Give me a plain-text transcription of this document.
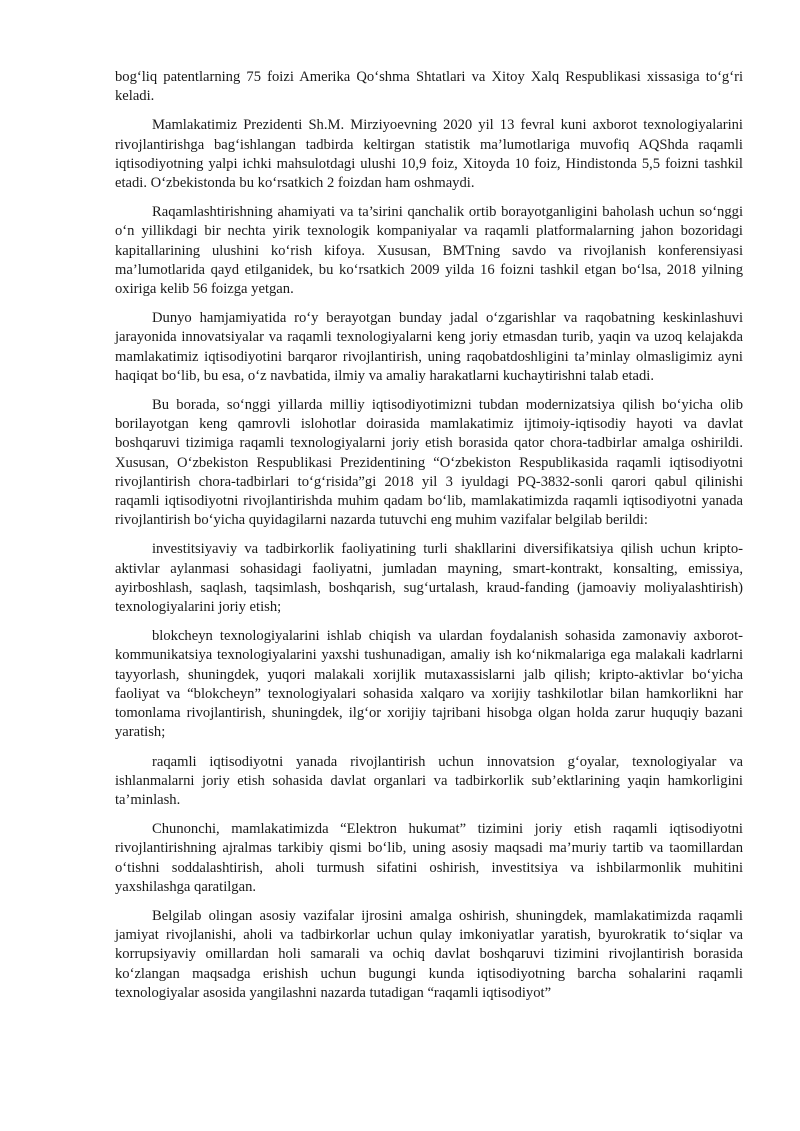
bog‘liq patentlarning 75 foizi Amerika Qo‘shma Shtatlari va Xitoy Xalq Respublikasi xissasiga to‘g‘ri keladi.

Mamlakatimiz Prezidenti Sh.M. Mirziyoevning 2020 yil 13 fevral kuni axborot texnologiyalarini rivojlantirishga bag‘ishlangan tadbirda keltirgan statistik ma’lumotlariga muvofiq AQShda raqamli iqtisodiyotning yalpi ichki mahsulotdagi ulushi 10,9 foiz, Xitoyda 10 foiz, Hindistonda 5,5 foizni tashkil etadi. O‘zbekistonda bu ko‘rsatkich 2 foizdan ham oshmaydi.

Raqamlashtirishning ahamiyati va ta’sirini qanchalik ortib borayotganligini baholash uchun so‘nggi o‘n yillikdagi bir nechta yirik texnologik kompaniyalar va raqamli platformalarning jahon bozoridagi kapitallarining ulushini ko‘rish kifoya. Xususan, BMTning savdo va rivojlanish konferensiyasi ma’lumotlarida qayd etilganidek, bu ko‘rsatkich 2009 yilda 16 foizni tashkil etgan bo‘lsa, 2018 yilning oxiriga kelib 56 foizga yetgan.

Dunyo hamjamiyatida ro‘y berayotgan bunday jadal o‘zgarishlar va raqobatning keskinlashuvi jarayonida innovatsiyalar va raqamli texnologiyalarni keng joriy etmasdan turib, yaqin va uzoq kelajakda mamlakatimiz iqtisodiyotini barqaror rivojlantirish, uning raqobatdoshligini ta’minlay olmasligimiz ayni haqiqat bo‘lib, bu esa, o‘z navbatida, ilmiy va amaliy harakatlarni kuchaytirishni talab etadi.

Bu borada, so‘nggi yillarda milliy iqtisodiyotimizni tubdan modernizatsiya qilish bo‘yicha olib borilayotgan keng qamrovli islohotlar doirasida mamlakatimiz ijtimoiy-iqtisodiy hayoti va davlat boshqaruvi tizimiga raqamli texnologiyalarni joriy etish borasida qator chora-tadbirlar amalga oshirildi. Xususan, O‘zbekiston Respublikasi Prezidentining “O‘zbekiston Respublikasida raqamli iqtisodiyotni rivojlantirish chora-tadbirlari to‘g‘risida”gi 2018 yil 3 iyuldagi PQ-3832-sonli qarori qabul qilinishi raqamli iqtisodiyotni rivojlantirishda muhim qadam bo‘lib, mamlakatimizda raqamli iqtisodiyotni yanada rivojlantirish bo‘yicha quyidagilarni nazarda tutuvchi eng muhim vazifalar belgilab berildi:

investitsiyaviy va tadbirkorlik faoliyatining turli shakllarini diversifikatsiya qilish uchun kripto-aktivlar aylanmasi sohasidagi faoliyatni, jumladan mayning, smart-kontrakt, konsalting, emissiya, ayirboshlash, saqlash, taqsimlash, boshqarish, sug‘urtalash, kraud-fanding (jamoaviy moliyalashtirish) texnologiyalarini joriy etish;

blokcheyn texnologiyalarini ishlab chiqish va ulardan foydalanish sohasida zamonaviy axborot-kommunikatsiya texnologiyalarini yaxshi tushunadigan, amaliy ish ko‘nikmalariga ega malakali kadrlarni tayyorlash, shuningdek, yuqori malakali xorijlik mutaxassislarni jalb qilish; kripto-aktivlar bo‘yicha faoliyat va “blokcheyn” texnologiyalari sohasida xalqaro va xorijiy tashkilotlar bilan hamkorlikni har tomonlama rivojlantirish, shuningdek, ilg‘or xorijiy tajribani hisobga olgan holda zarur huquqiy bazani yaratish;

raqamli iqtisodiyotni yanada rivojlantirish uchun innovatsion g‘oyalar, texnologiyalar va ishlanmalarni joriy etish sohasida davlat organlari va tadbirkorlik sub’ektlarining yaqin hamkorligini ta’minlash.

Chunonchi, mamlakatimizda “Elektron hukumat” tizimini joriy etish raqamli iqtisodiyotni rivojlantirishning ajralmas tarkibiy qismi bo‘lib, uning asosiy maqsadi ma’muriy tartib va taomillardan o‘tishni soddalashtirish, aholi turmush sifatini oshirish, investitsiya va ishbilarmonlik muhitini yaxshilashga qaratilgan.

Belgilab olingan asosiy vazifalar ijrosini amalga oshirish, shuningdek, mamlakatimizda raqamli jamiyat rivojlanishi, aholi va tadbirkorlar uchun qulay imkoniyatlar yaratish, byurokratik to‘siqlar va korrupsiyaviy omillardan holi samarali va ochiq davlat boshqaruvi tizimini rivojlantirish borasida ko‘zlangan maqsadga erishish uchun bugungi kunda iqtisodiyotning barcha sohalarini raqamli texnologiyalar asosida yangilashni nazarda tutadigan “raqamli iqtisodiyot”
